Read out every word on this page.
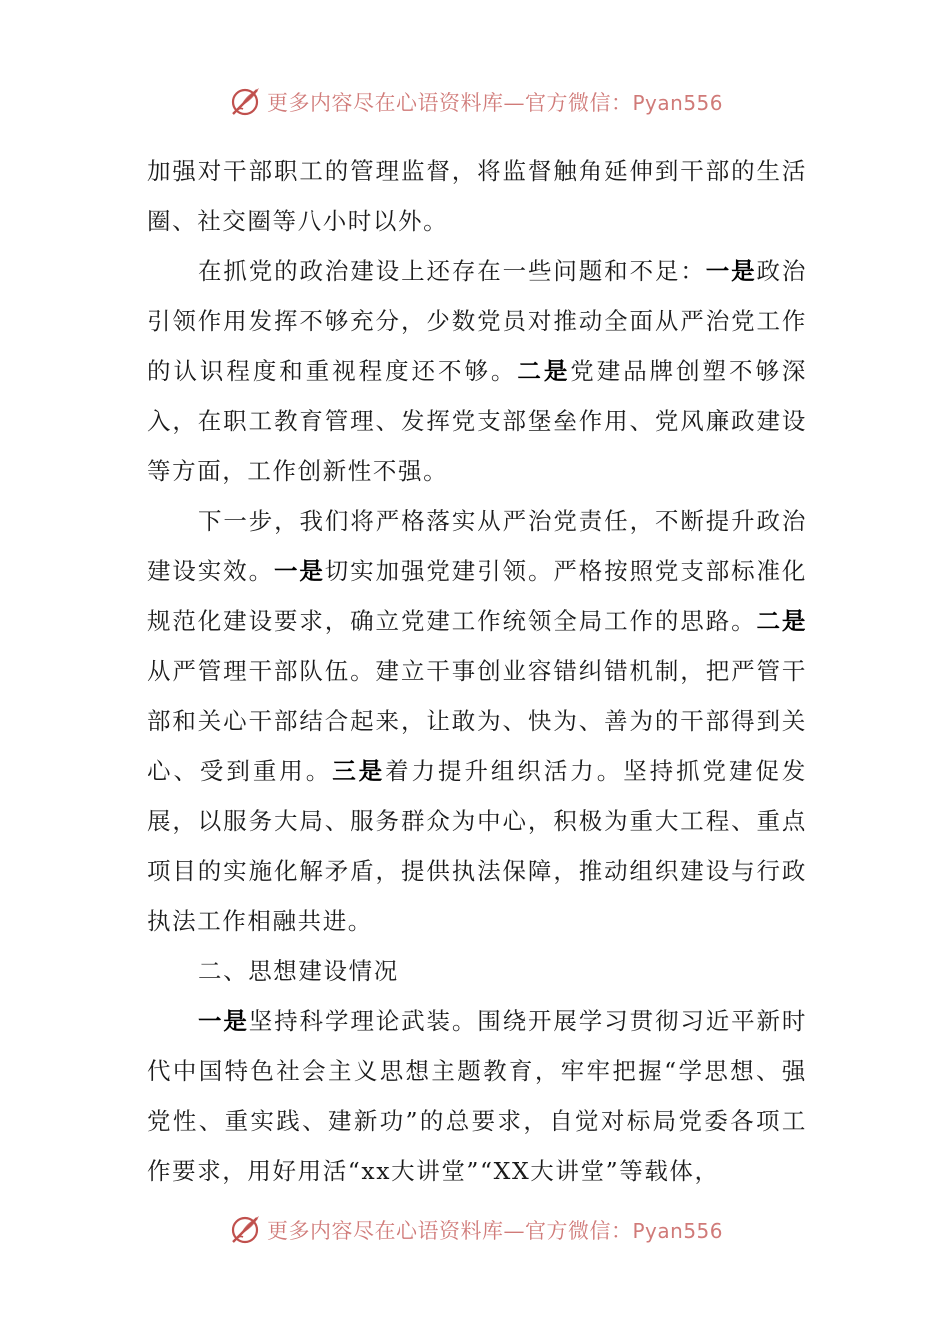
更多内容尽在心语资料库—官方微信：Pyan556

加强对干部职工的管理监督，将监督触角延伸到干部的生活圈、社交圈等八小时以外。

在抓党的政治建设上还存在一些问题和不足：一是政治引领作用发挥不够充分，少数党员对推动全面从严治党工作的认识程度和重视程度还不够。二是党建品牌创塑不够深入，在职工教育管理、发挥党支部堡垒作用、党风廉政建设等方面，工作创新性不强。

下一步，我们将严格落实从严治党责任，不断提升政治建设实效。一是切实加强党建引领。严格按照党支部标准化规范化建设要求，确立党建工作统领全局工作的思路。二是从严管理干部队伍。建立干事创业容错纠错机制，把严管干部和关心干部结合起来，让敢为、快为、善为的干部得到关心、受到重用。三是着力提升组织活力。坚持抓党建促发展，以服务大局、服务群众为中心，积极为重大工程、重点项目的实施化解矛盾，提供执法保障，推动组织建设与行政执法工作相融共进。

二、思想建设情况

一是坚持科学理论武装。围绕开展学习贯彻习近平新时代中国特色社会主义思想主题教育，牢牢把握“学思想、强党性、重实践、建新功”的总要求，自觉对标局党委各项工作要求，用好用活“xx大讲堂”“XX大讲堂”等载体，

更多内容尽在心语资料库—官方微信：Pyan556
